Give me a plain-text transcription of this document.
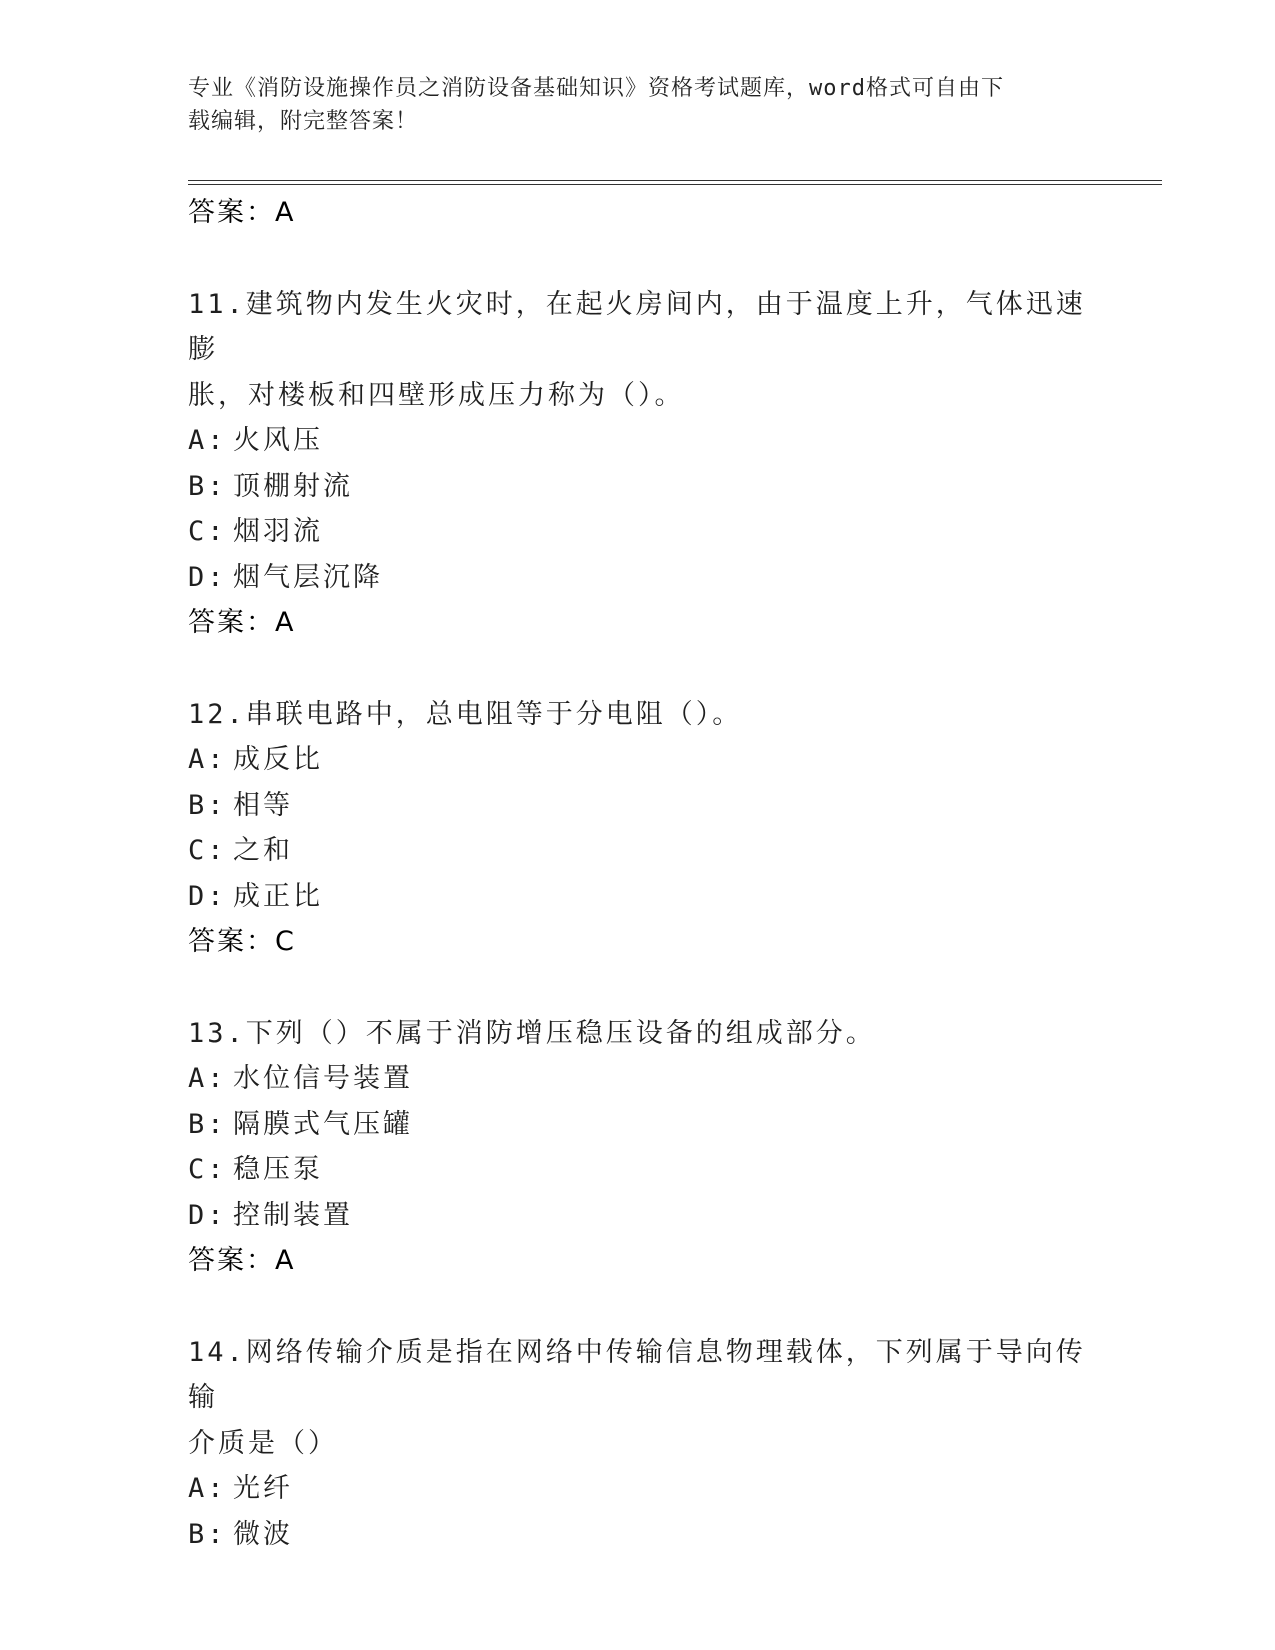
专业《消防设施操作员之消防设备基础知识》资格考试题库，word格式可自由下
载编辑，附完整答案！
答案：A
11.建筑物内发生火灾时，在起火房间内，由于温度上升，气体迅速膨
胀，对楼板和四壁形成压力称为（）。
A: 火风压
B: 顶棚射流
C: 烟羽流
D: 烟气层沉降
答案：A
12.串联电路中，总电阻等于分电阻（）。
A: 成反比
B: 相等
C: 之和
D: 成正比
答案：C
13.下列（）不属于消防增压稳压设备的组成部分。
A: 水位信号装置
B: 隔膜式气压罐
C: 稳压泵
D: 控制装置
答案：A
14.网络传输介质是指在网络中传输信息物理载体，下列属于导向传输
介质是（）
A: 光纤
B: 微波
